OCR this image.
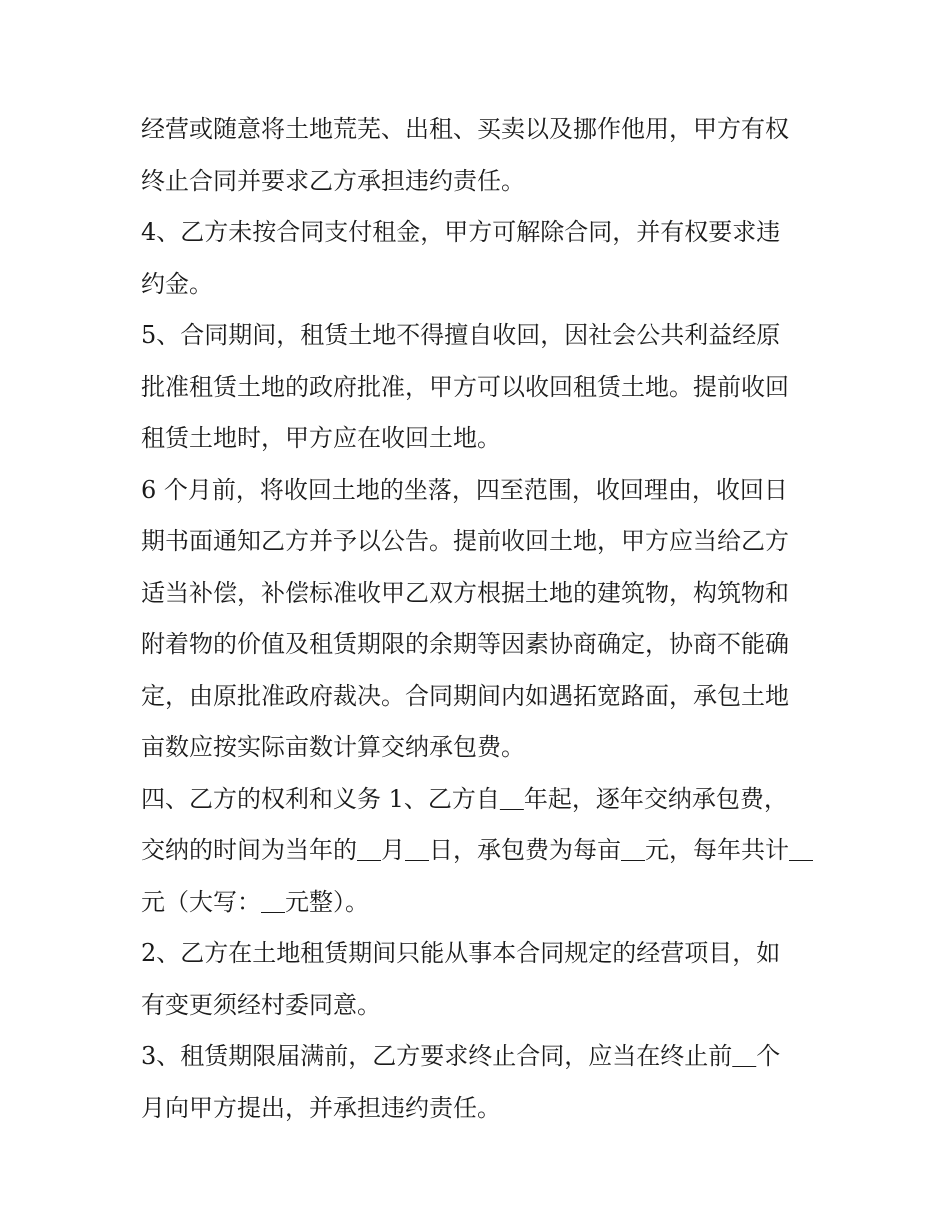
经营或随意将土地荒芜、出租、买卖以及挪作他用，甲方有权
终止合同并要求乙方承担违约责任。
4、乙方未按合同支付租金，甲方可解除合同，并有权要求违
约金。
5、合同期间，租赁土地不得擅自收回，因社会公共利益经原
批准租赁土地的政府批准，甲方可以收回租赁土地。提前收回
租赁土地时，甲方应在收回土地。
6 个月前，将收回土地的坐落，四至范围，收回理由，收回日
期书面通知乙方并予以公告。提前收回土地，甲方应当给乙方
适当补偿，补偿标准收甲乙双方根据土地的建筑物，构筑物和
附着物的价值及租赁期限的余期等因素协商确定，协商不能确
定，由原批准政府裁决。合同期间内如遇拓宽路面，承包土地
亩数应按实际亩数计算交纳承包费。
四、乙方的权利和义务 1、乙方自＿年起，逐年交纳承包费，
交纳的时间为当年的＿月＿日，承包费为每亩＿元，每年共计＿
元（大写：＿元整）。
2、乙方在土地租赁期间只能从事本合同规定的经营项目，如
有变更须经村委同意。
3、租赁期限届满前，乙方要求终止合同，应当在终止前＿个
月向甲方提出，并承担违约责任。
